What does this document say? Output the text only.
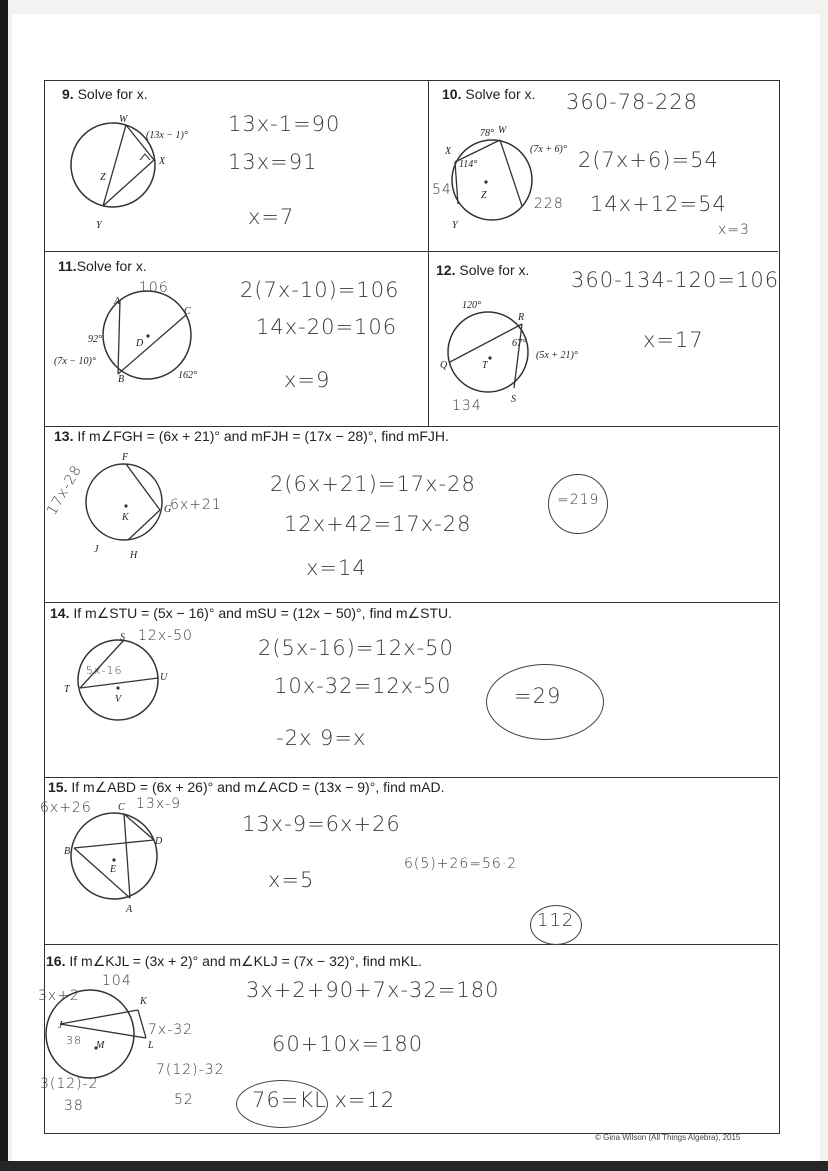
9. Solve for x.
W
(13x − 1)°
X
Z
Y
13x-1=90
13x=91
x=7
10. Solve for x.
78° W
(7x + 6)°
X
114°
Z
Y
54
228
360-78-228
2(7x+6)=54
14x+12=54
x=3
11.Solve for x.
A
C
D
92°
(7x − 10)°
B	162°
106	2(7x-10)=106
14x-20=106
x=9
12. Solve for x.
120°
R
67°
(5x + 21)°
Q	T
S
134
360-134-120=106
x=17
13. If m∠FGH = (6x + 21)° and mFJH = (17x − 28)°, find mFJH.
F
K
G
J
H
6x+21
17x-28	2(6x+21)=17x-28
12x+42=17x-28
x=14
=219
14. If m∠STU = (5x − 16)° and mSU = (12x − 50)°, find m∠STU.
S
T
U
V
12x-50
5x-16
2(5x-16)=12x-50
10x-32=12x-50
-2x 9=x
=29
15. If m∠ABD = (6x + 26)° and m∠ACD = (13x − 9)°, find mAD.
C
D
B
E
A
6x+26	13x-9
13x-9=6x+26
x=5
6(5)+26=56·2
112
16. If m∠KJL = (3x + 2)° and m∠KLJ = (7x − 32)°, find mKL.
J
K
M	L
104
3x+2
38
7x-32
7(12)-32
52
3(12)-2
38
3x+2+90+7x-32=180
60+10x=180
76=KL x=12
© Gina Wilson (All Things Algebra), 2015
